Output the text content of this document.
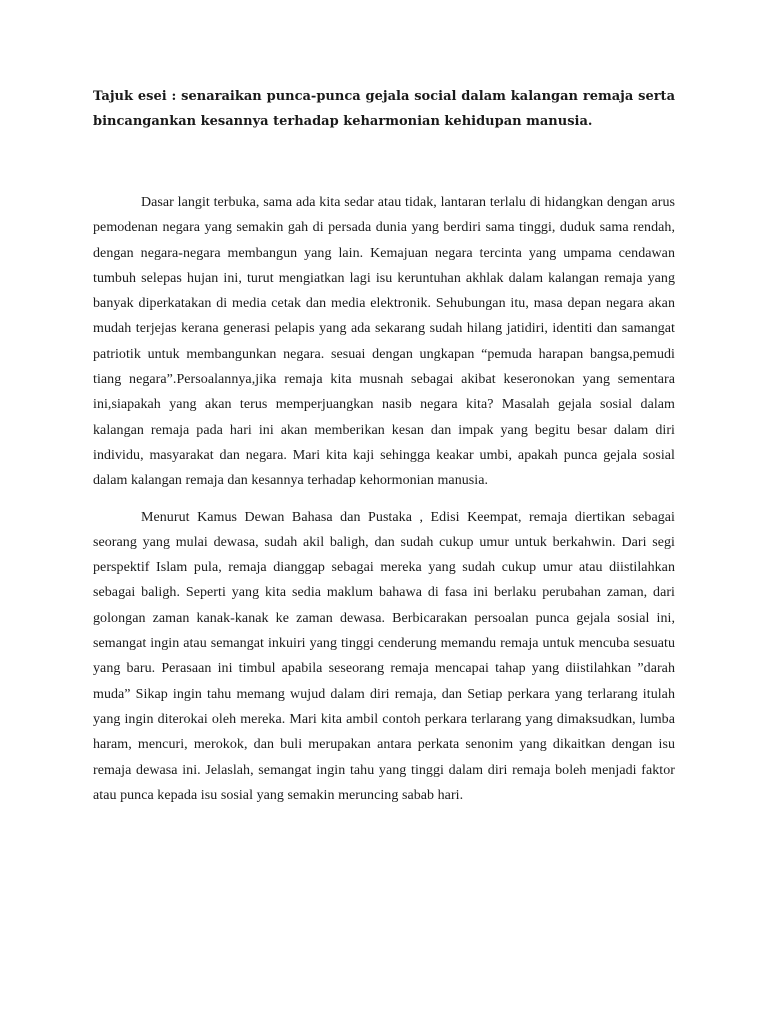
Tajuk esei : senaraikan punca-punca gejala social dalam kalangan remaja serta bincangankan kesannya terhadap keharmonian kehidupan manusia.

Dasar langit terbuka, sama ada kita sedar atau tidak, lantaran terlalu di hidangkan dengan arus pemodenan negara yang semakin gah di persada dunia yang berdiri sama tinggi, duduk sama rendah, dengan negara-negara membangun yang lain. Kemajuan negara tercinta yang umpama cendawan tumbuh selepas hujan ini, turut mengiatkan lagi isu keruntuhan akhlak dalam kalangan remaja yang banyak diperkatakan di media cetak dan media elektronik. Sehubungan itu, masa depan negara akan mudah terjejas kerana generasi pelapis yang ada sekarang sudah hilang jatidiri, identiti dan samangat patriotik untuk membangunkan negara. sesuai dengan ungkapan “pemuda harapan bangsa,pemudi tiang negara”.Persoalannya,jika remaja kita musnah sebagai akibat keseronokan yang sementara ini,siapakah yang akan terus memperjuangkan nasib negara kita? Masalah gejala sosial dalam kalangan remaja pada hari ini akan memberikan kesan dan impak yang begitu besar dalam diri individu, masyarakat dan negara. Mari kita kaji sehingga keakar umbi, apakah punca gejala sosial dalam kalangan remaja dan kesannya terhadap kehormonian manusia.

Menurut Kamus Dewan Bahasa dan Pustaka , Edisi Keempat, remaja diertikan sebagai seorang yang mulai dewasa, sudah akil baligh, dan sudah cukup umur untuk berkahwin. Dari segi perspektif Islam pula, remaja dianggap sebagai mereka yang sudah cukup umur atau diistilahkan sebagai baligh. Seperti yang kita sedia maklum bahawa di fasa ini berlaku perubahan zaman, dari golongan zaman kanak-kanak ke zaman dewasa. Berbicarakan persoalan punca gejala sosial ini, semangat ingin atau semangat inkuiri yang tinggi cenderung memandu remaja untuk mencuba sesuatu yang baru. Perasaan ini timbul apabila seseorang remaja mencapai tahap yang diistilahkan ”darah muda” Sikap ingin tahu memang wujud dalam diri remaja, dan Setiap perkara yang terlarang itulah yang ingin diterokai oleh mereka. Mari kita ambil contoh perkara terlarang yang dimaksudkan, lumba haram, mencuri, merokok, dan buli merupakan antara perkata senonim yang dikaitkan dengan isu remaja dewasa ini. Jelaslah, semangat ingin tahu yang tinggi dalam diri remaja boleh menjadi faktor atau punca kepada isu sosial yang semakin meruncing sabab hari.
